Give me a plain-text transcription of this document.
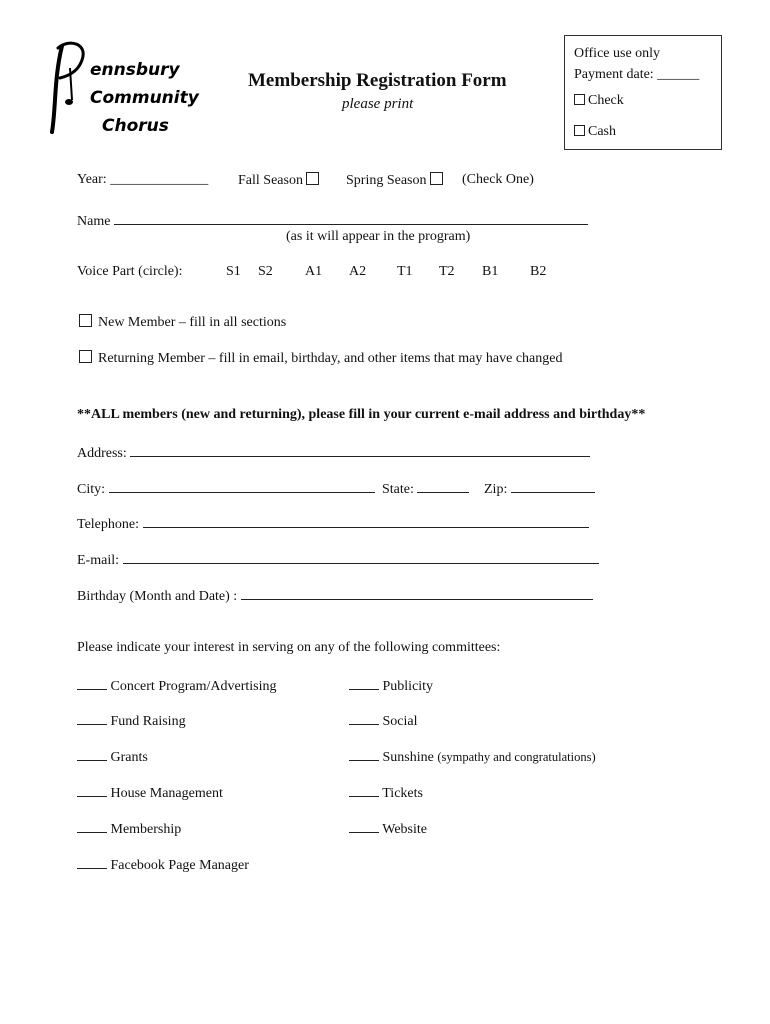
ennsbury
Community
Chorus
Membership Registration Form
please print
Office use only
Payment date: ______
Check
Cash
Year: ______________ Fall Season	Spring Season	(Check One)
Name
(as it will appear in the program)
Voice Part (circle):	S1 S2 A1 A2 T1 T2 B1 B2
New Member – fill in all sections
Returning Member – fill in email, birthday, and other items that may have changed
**ALL members (new and returning), please fill in your current e-mail address and birthday**
Address:
City:	State:	Zip:
Telephone:
E-mail:
Birthday (Month and Date) :
Please indicate your interest in serving on any of the following committees:
Concert Program/Advertising
Fund Raising
Grants
House Management
Membership
Facebook Page Manager
Publicity
Social
Sunshine (sympathy and congratulations)
Tickets
Website
